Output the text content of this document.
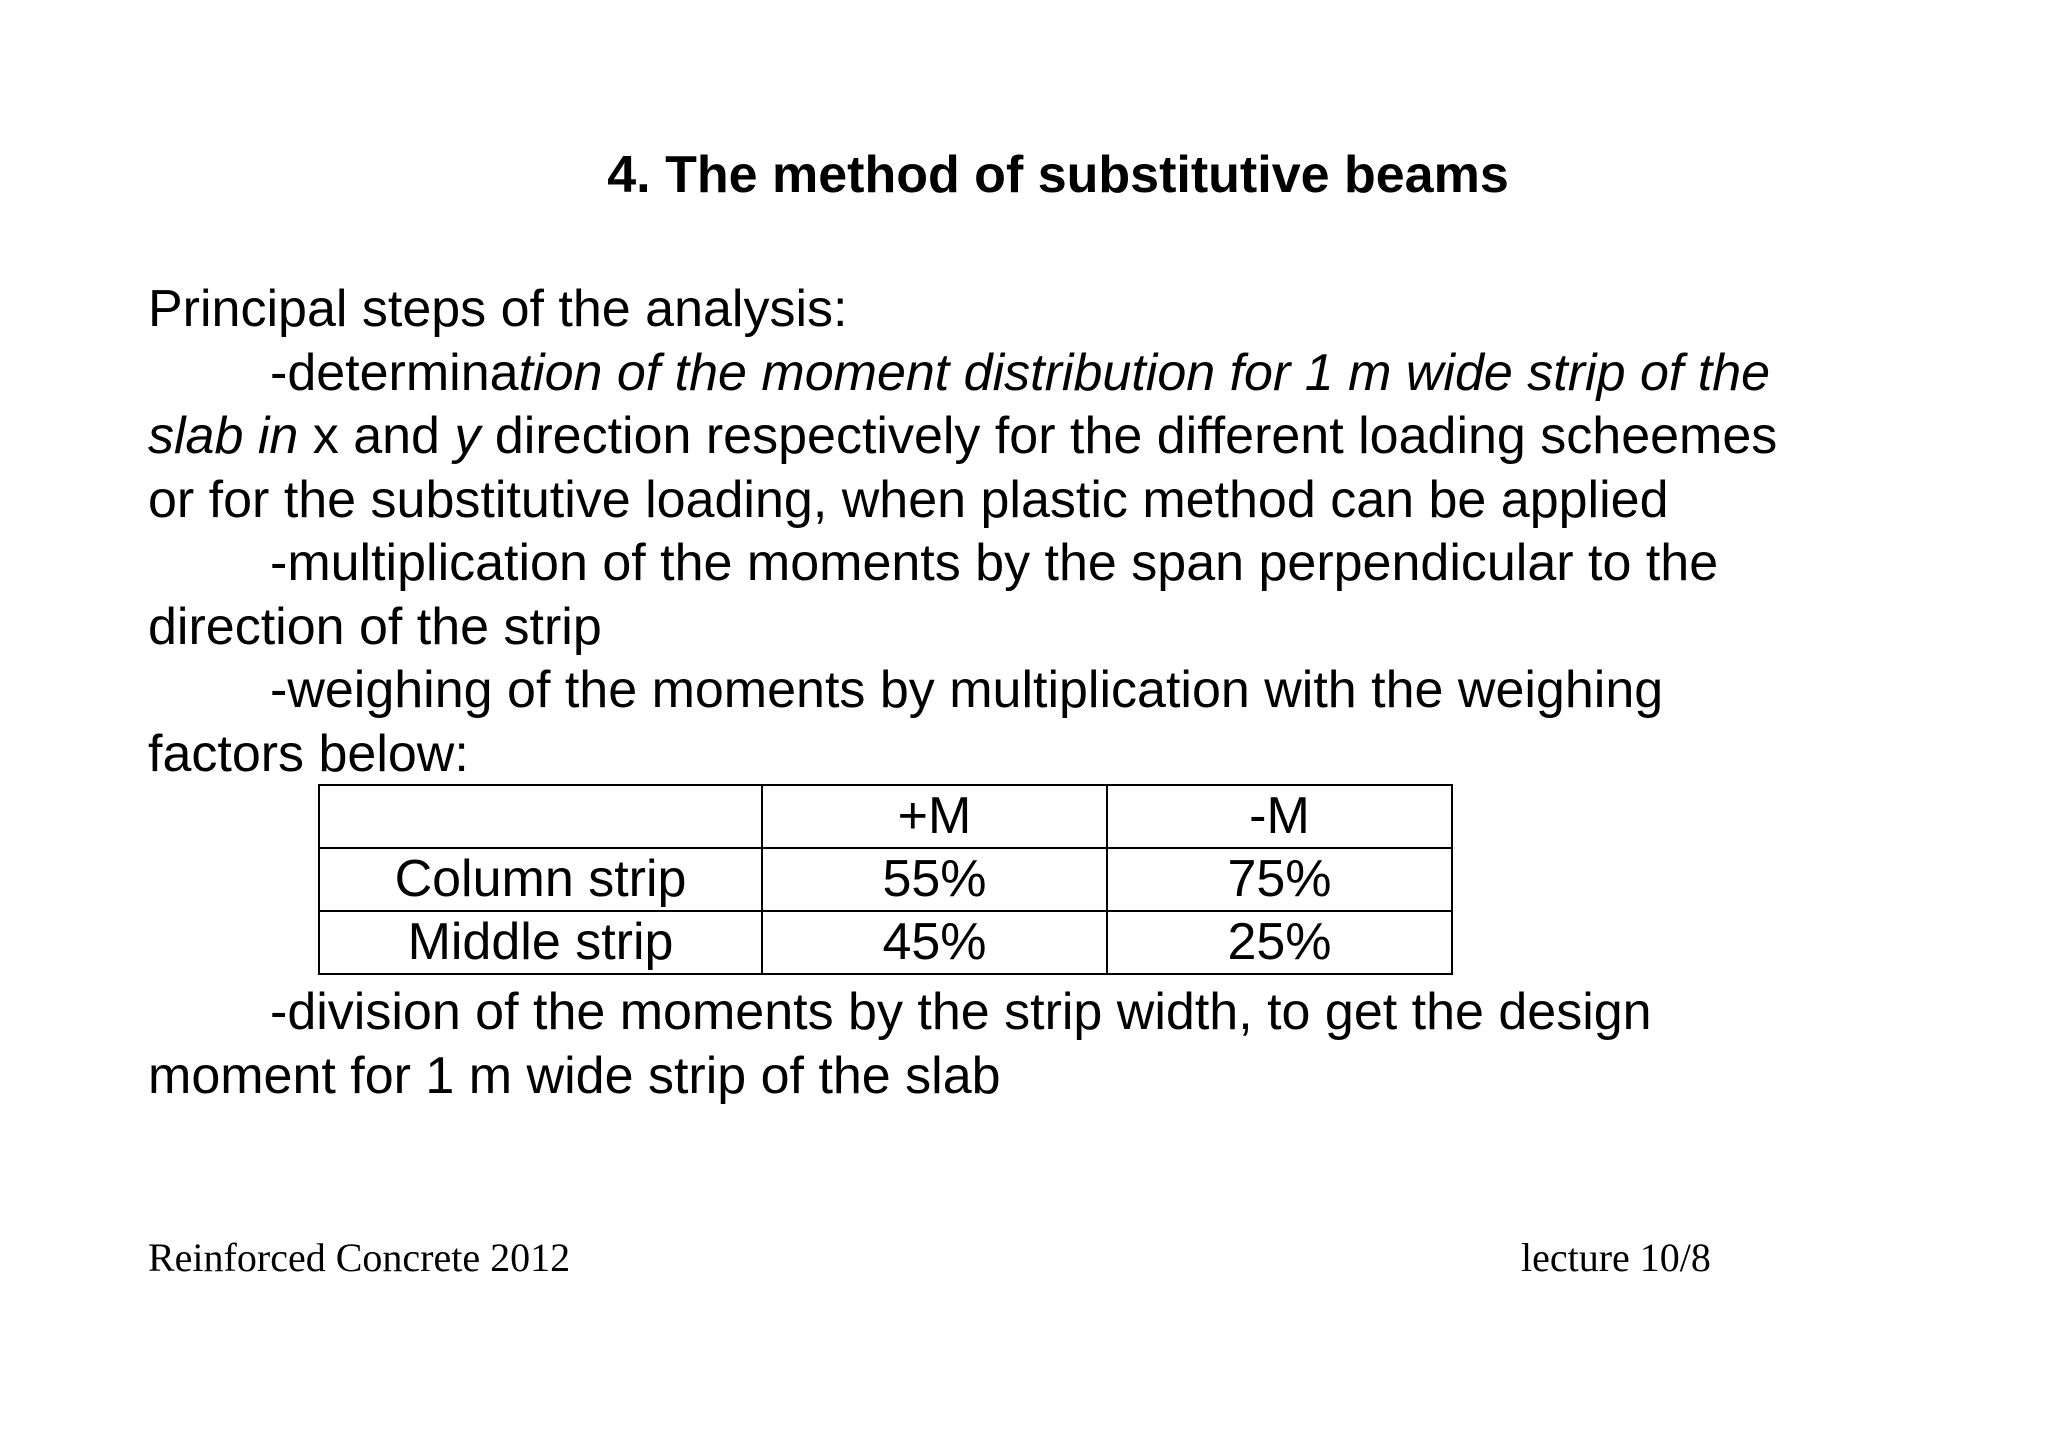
4. The method of substitutive beams
Principal steps of the analysis:
-determination of the moment distribution for 1 m wide strip of the
slab in x and y direction respectively for the different loading scheemes
or for the substitutive loading, when plastic method can be applied
-multiplication of the moments by the span perpendicular to the
direction of the strip
-weighing of the moments by multiplication with the weighing
factors below:
	+M	-M
Column strip	55%	75%
Middle strip	45%	25%
-division of the moments by the strip width, to get the design
moment for 1 m wide strip of the slab
Reinforced Concrete 2012	lecture 10/8
